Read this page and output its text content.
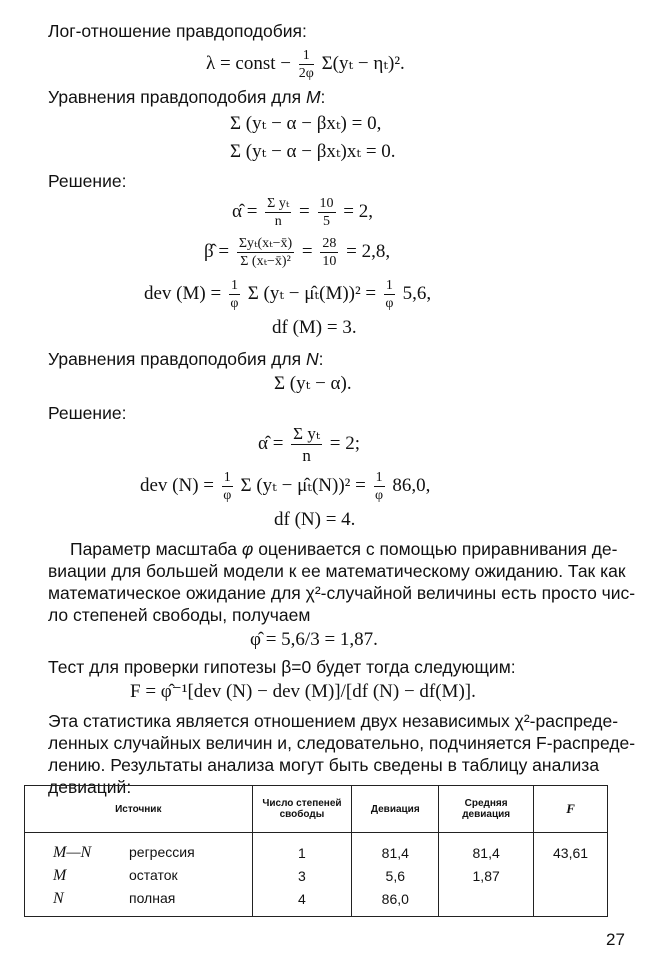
Лог-отношение правдоподобия:
λ = const − $\frac{1}{2\varphi} \Sigma(y_t - \eta_t)^2$.
Уравнения правдоподобия для M:
Σ (yₜ − α − βxₜ) = 0,
Σ (yₜ − α − βxₜ)xₜ = 0.
Решение:
α̂ = $\frac{\text{Σ yₜ}}{n} = \frac{10}{5} = 2$,
β̂ = $\frac{\text{Σyₜ(xₜ−x̄)}}{\text{Σ (xₜ−x̄)²}} = \frac{28}{10} = 2,8$,
dev $(M) = \frac{1}{\varphi}$ Σ (yₜ − μ̂ₜ(M))² = $\frac{1}{\varphi} 5,6$,
df (M) = 3.
Уравнения правдоподобия для N:
Σ (yₜ − α).
Решение:
α̂ = $\frac{\text{Σ yₜ}}{n} = 2$;
dev $(N) = \frac{1}{\varphi}$ Σ (yₜ − μ̂ₜ(N))² = $\frac{1}{\varphi} 86,0$,
df (N) = 4.
Параметр масштаба φ оценивается с помощью приравнивания де-
виации для большей модели к ее математическому ожиданию. Так как
математическое ожидание для χ²-случайной величины есть просто чис-
ло степеней свободы, получаем
φ̂ = 5,6/3 = 1,87.
Тест для проверки гипотезы β=0 будет тогда следующим:
F = φ̂⁻¹[dev (N) − dev (M)]/[df (N) − df(M)].
Эта статистика является отношением двух независимых χ²-распреде-
ленных случайных величин и, следовательно, подчиняется F-распреде-
лению. Результаты анализа могут быть сведены в таблицу анализа
девиаций:
Источник	Число степеней свободы	Девиация	Средняя девиация	F
M—N регрессия	1	81,4	81,4	43,61
M остаток	3	5,6	1,87	
N полная	4	86,0		
27
